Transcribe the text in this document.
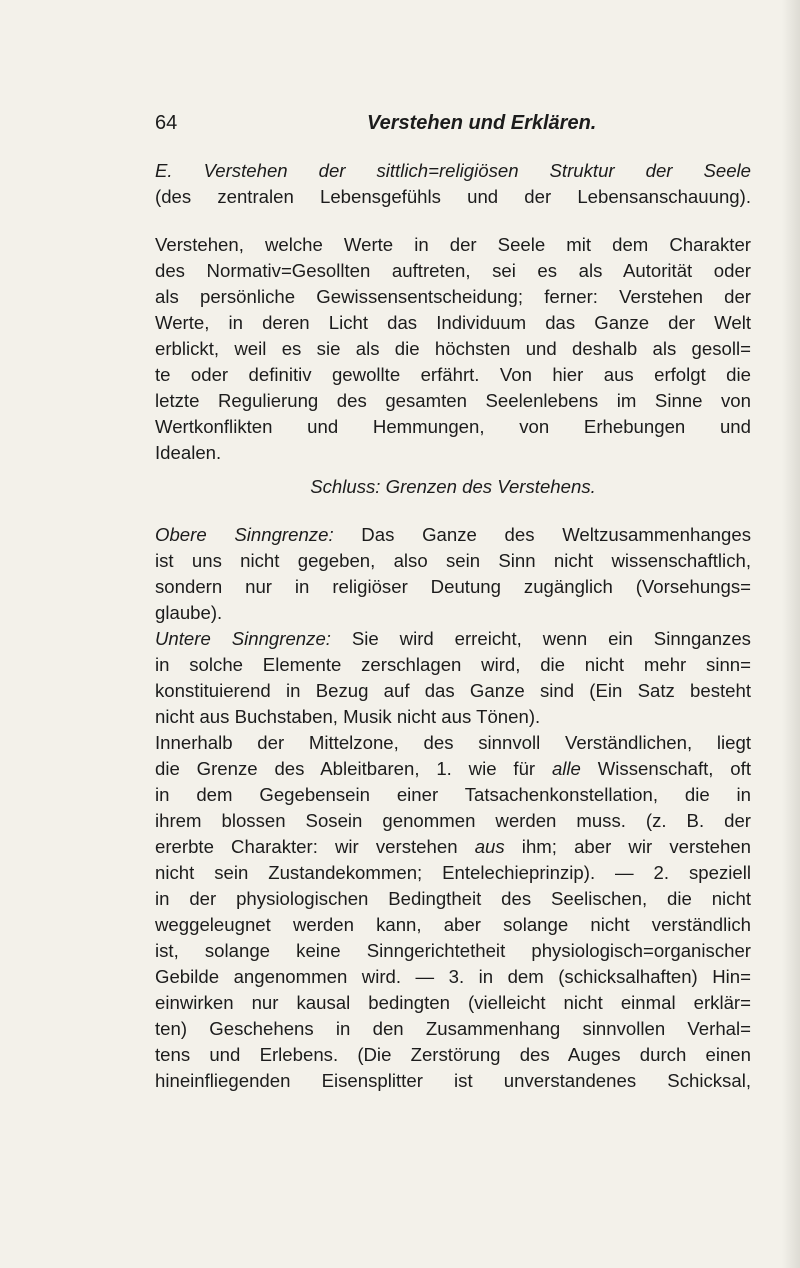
64	Verstehen und Erklären.
E. Verstehen der sittlich=religiösen Struktur der Seele
(des zentralen Lebensgefühls und der Lebensanschauung).
Verstehen, welche Werte in der Seele mit dem Charakter
des Normativ=Gesollten auftreten, sei es als Autorität oder
als persönliche Gewissensentscheidung; ferner: Verstehen der
Werte, in deren Licht das Individuum das Ganze der Welt
erblickt, weil es sie als die höchsten und deshalb als gesoll=
te oder definitiv gewollte erfährt. Von hier aus erfolgt die
letzte Regulierung des gesamten Seelenlebens im Sinne von
Wertkonflikten und Hemmungen, von Erhebungen und
Idealen.
Schluss: Grenzen des Verstehens.
Obere Sinngrenze: Das Ganze des Weltzusammenhanges
ist uns nicht gegeben, also sein Sinn nicht wissenschaftlich,
sondern nur in religiöser Deutung zugänglich (Vorsehungs=
glaube).
Untere Sinngrenze: Sie wird erreicht, wenn ein Sinnganzes
in solche Elemente zerschlagen wird, die nicht mehr sinn=
konstituierend in Bezug auf das Ganze sind (Ein Satz besteht
nicht aus Buchstaben, Musik nicht aus Tönen).
Innerhalb der Mittelzone, des sinnvoll Verständlichen, liegt
die Grenze des Ableitbaren, 1. wie für alle Wissenschaft, oft
in dem Gegebensein einer Tatsachenkonstellation, die in
ihrem blossen Sosein genommen werden muss. (z. B. der
ererbte Charakter: wir verstehen aus ihm; aber wir verstehen
nicht sein Zustandekommen; Entelechieprinzip). — 2. speziell
in der physiologischen Bedingtheit des Seelischen, die nicht
weggeleugnet werden kann, aber solange nicht verständlich
ist, solange keine Sinngerichtetheit physiologisch=organischer
Gebilde angenommen wird. — 3. in dem (schicksalhaften) Hin=
einwirken nur kausal bedingten (vielleicht nicht einmal erklär=
ten) Geschehens in den Zusammenhang sinnvollen Verhal=
tens und Erlebens. (Die Zerstörung des Auges durch einen
hineinfliegenden Eisensplitter ist unverstandenes Schicksal,
